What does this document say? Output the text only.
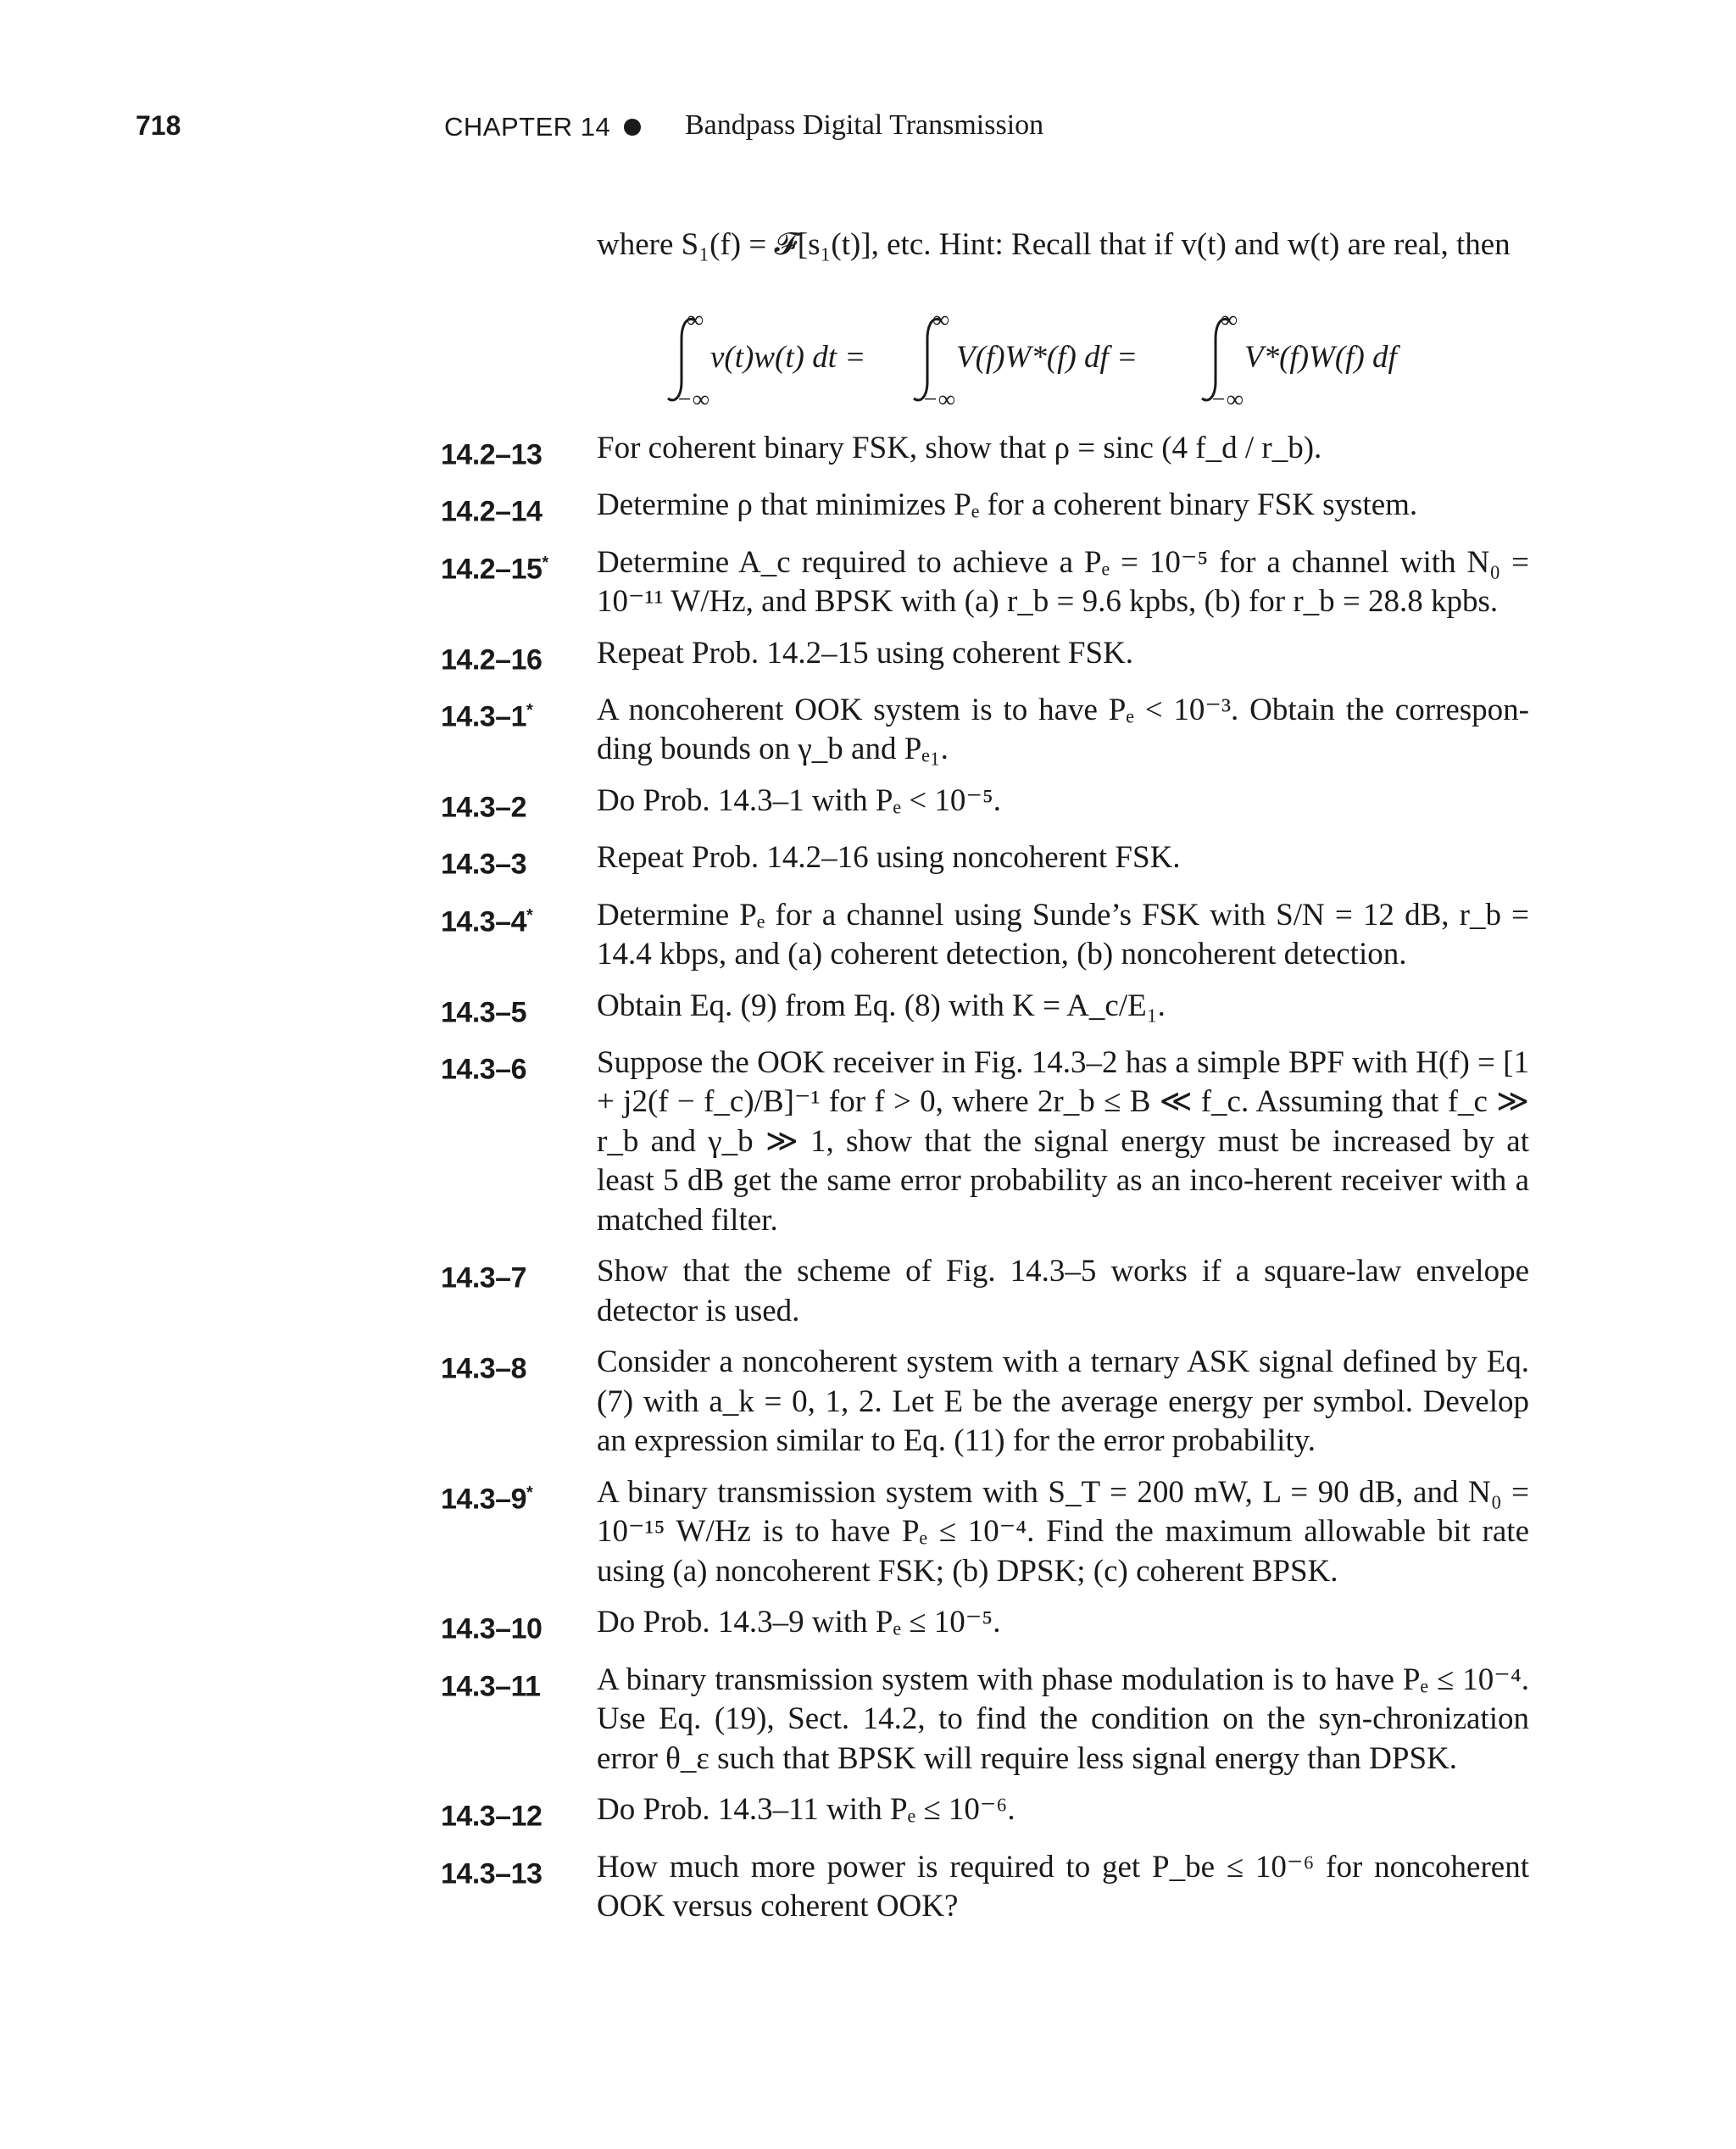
718	CHAPTER 14	Bandpass Digital Transmission
where S₁(f) = 𝓕[s₁(t)], etc. Hint: Recall that if v(t) and w(t) are real, then
∞
−∞
v(t)w(t) dt =
∞
−∞
V(f)W*(f) df =
∞
−∞
V*(f)W(f) df
14.2–13	For coherent binary FSK, show that ρ = sinc (4 f_d / r_b).
14.2–14	Determine ρ that minimizes Pₑ for a coherent binary FSK system.
14.2–15*	Determine A_c required to achieve a Pₑ = 10⁻⁵ for a channel with N₀ = 10⁻¹¹ W/Hz, and BPSK with (a) r_b = 9.6 kpbs, (b) for r_b = 28.8 kpbs.
14.2–16	Repeat Prob. 14.2–15 using coherent FSK.
14.3–1*	A noncoherent OOK system is to have Pₑ < 10⁻³. Obtain the correspon-ding bounds on γ_b and Pₑ₁.
14.3–2	Do Prob. 14.3–1 with Pₑ < 10⁻⁵.
14.3–3	Repeat Prob. 14.2–16 using noncoherent FSK.
14.3–4*	Determine Pₑ for a channel using Sunde’s FSK with S/N = 12 dB, r_b = 14.4 kbps, and (a) coherent detection, (b) noncoherent detection.
14.3–5	Obtain Eq. (9) from Eq. (8) with K = A_c/E₁.
14.3–6	Suppose the OOK receiver in Fig. 14.3–2 has a simple BPF with H(f) = [1 + j2(f − f_c)/B]⁻¹ for f > 0, where 2r_b ≤ B ≪ f_c. Assuming that f_c ≫ r_b and γ_b ≫ 1, show that the signal energy must be increased by at least 5 dB get the same error probability as an inco-herent receiver with a matched filter.
14.3–7	Show that the scheme of Fig. 14.3–5 works if a square-law envelope detector is used.
14.3–8	Consider a noncoherent system with a ternary ASK signal defined by Eq. (7) with a_k = 0, 1, 2. Let E be the average energy per symbol. Develop an expression similar to Eq. (11) for the error probability.
14.3–9*	A binary transmission system with S_T = 200 mW, L = 90 dB, and N₀ = 10⁻¹⁵ W/Hz is to have Pₑ ≤ 10⁻⁴. Find the maximum allowable bit rate using (a) noncoherent FSK; (b) DPSK; (c) coherent BPSK.
14.3–10	Do Prob. 14.3–9 with Pₑ ≤ 10⁻⁵.
14.3–11	A binary transmission system with phase modulation is to have Pₑ ≤ 10⁻⁴. Use Eq. (19), Sect. 14.2, to find the condition on the syn-chronization error θ_ε such that BPSK will require less signal energy than DPSK.
14.3–12	Do Prob. 14.3–11 with Pₑ ≤ 10⁻⁶.
14.3–13	How much more power is required to get P_be ≤ 10⁻⁶ for noncoherent OOK versus coherent OOK?
